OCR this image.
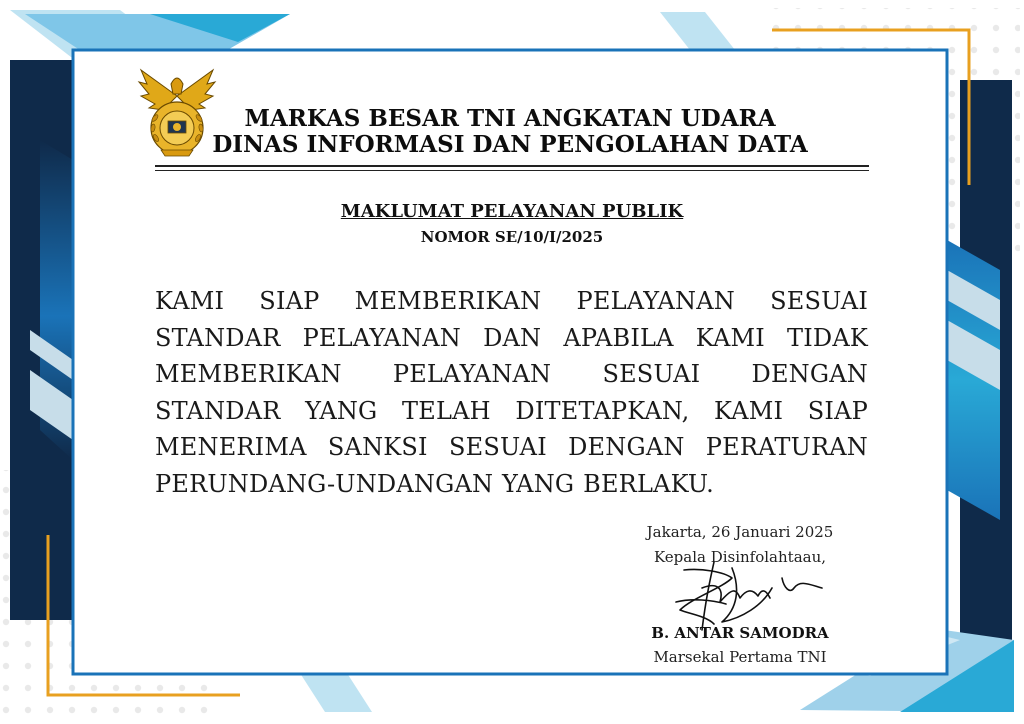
MARKAS BESAR TNI ANGKATAN UDARA
DINAS INFORMASI DAN PENGOLAHAN DATA
MAKLUMAT PELAYANAN PUBLIK
NOMOR SE/10/I/2025
KAMI SIAP MEMBERIKAN PELAYANAN SESUAI STANDAR PELAYANAN DAN APABILA KAMI TIDAK MEMBERIKAN PELAYANAN SESUAI DENGAN STANDAR YANG TELAH DITETAPKAN, KAMI SIAP MENERIMA SANKSI SESUAI DENGAN PERATURAN PERUNDANG-UNDANGAN YANG BERLAKU.
Jakarta, 26 Januari 2025
Kepala Disinfolahtaau,
B. ANTAR SAMODRA
Marsekal Pertama TNI
